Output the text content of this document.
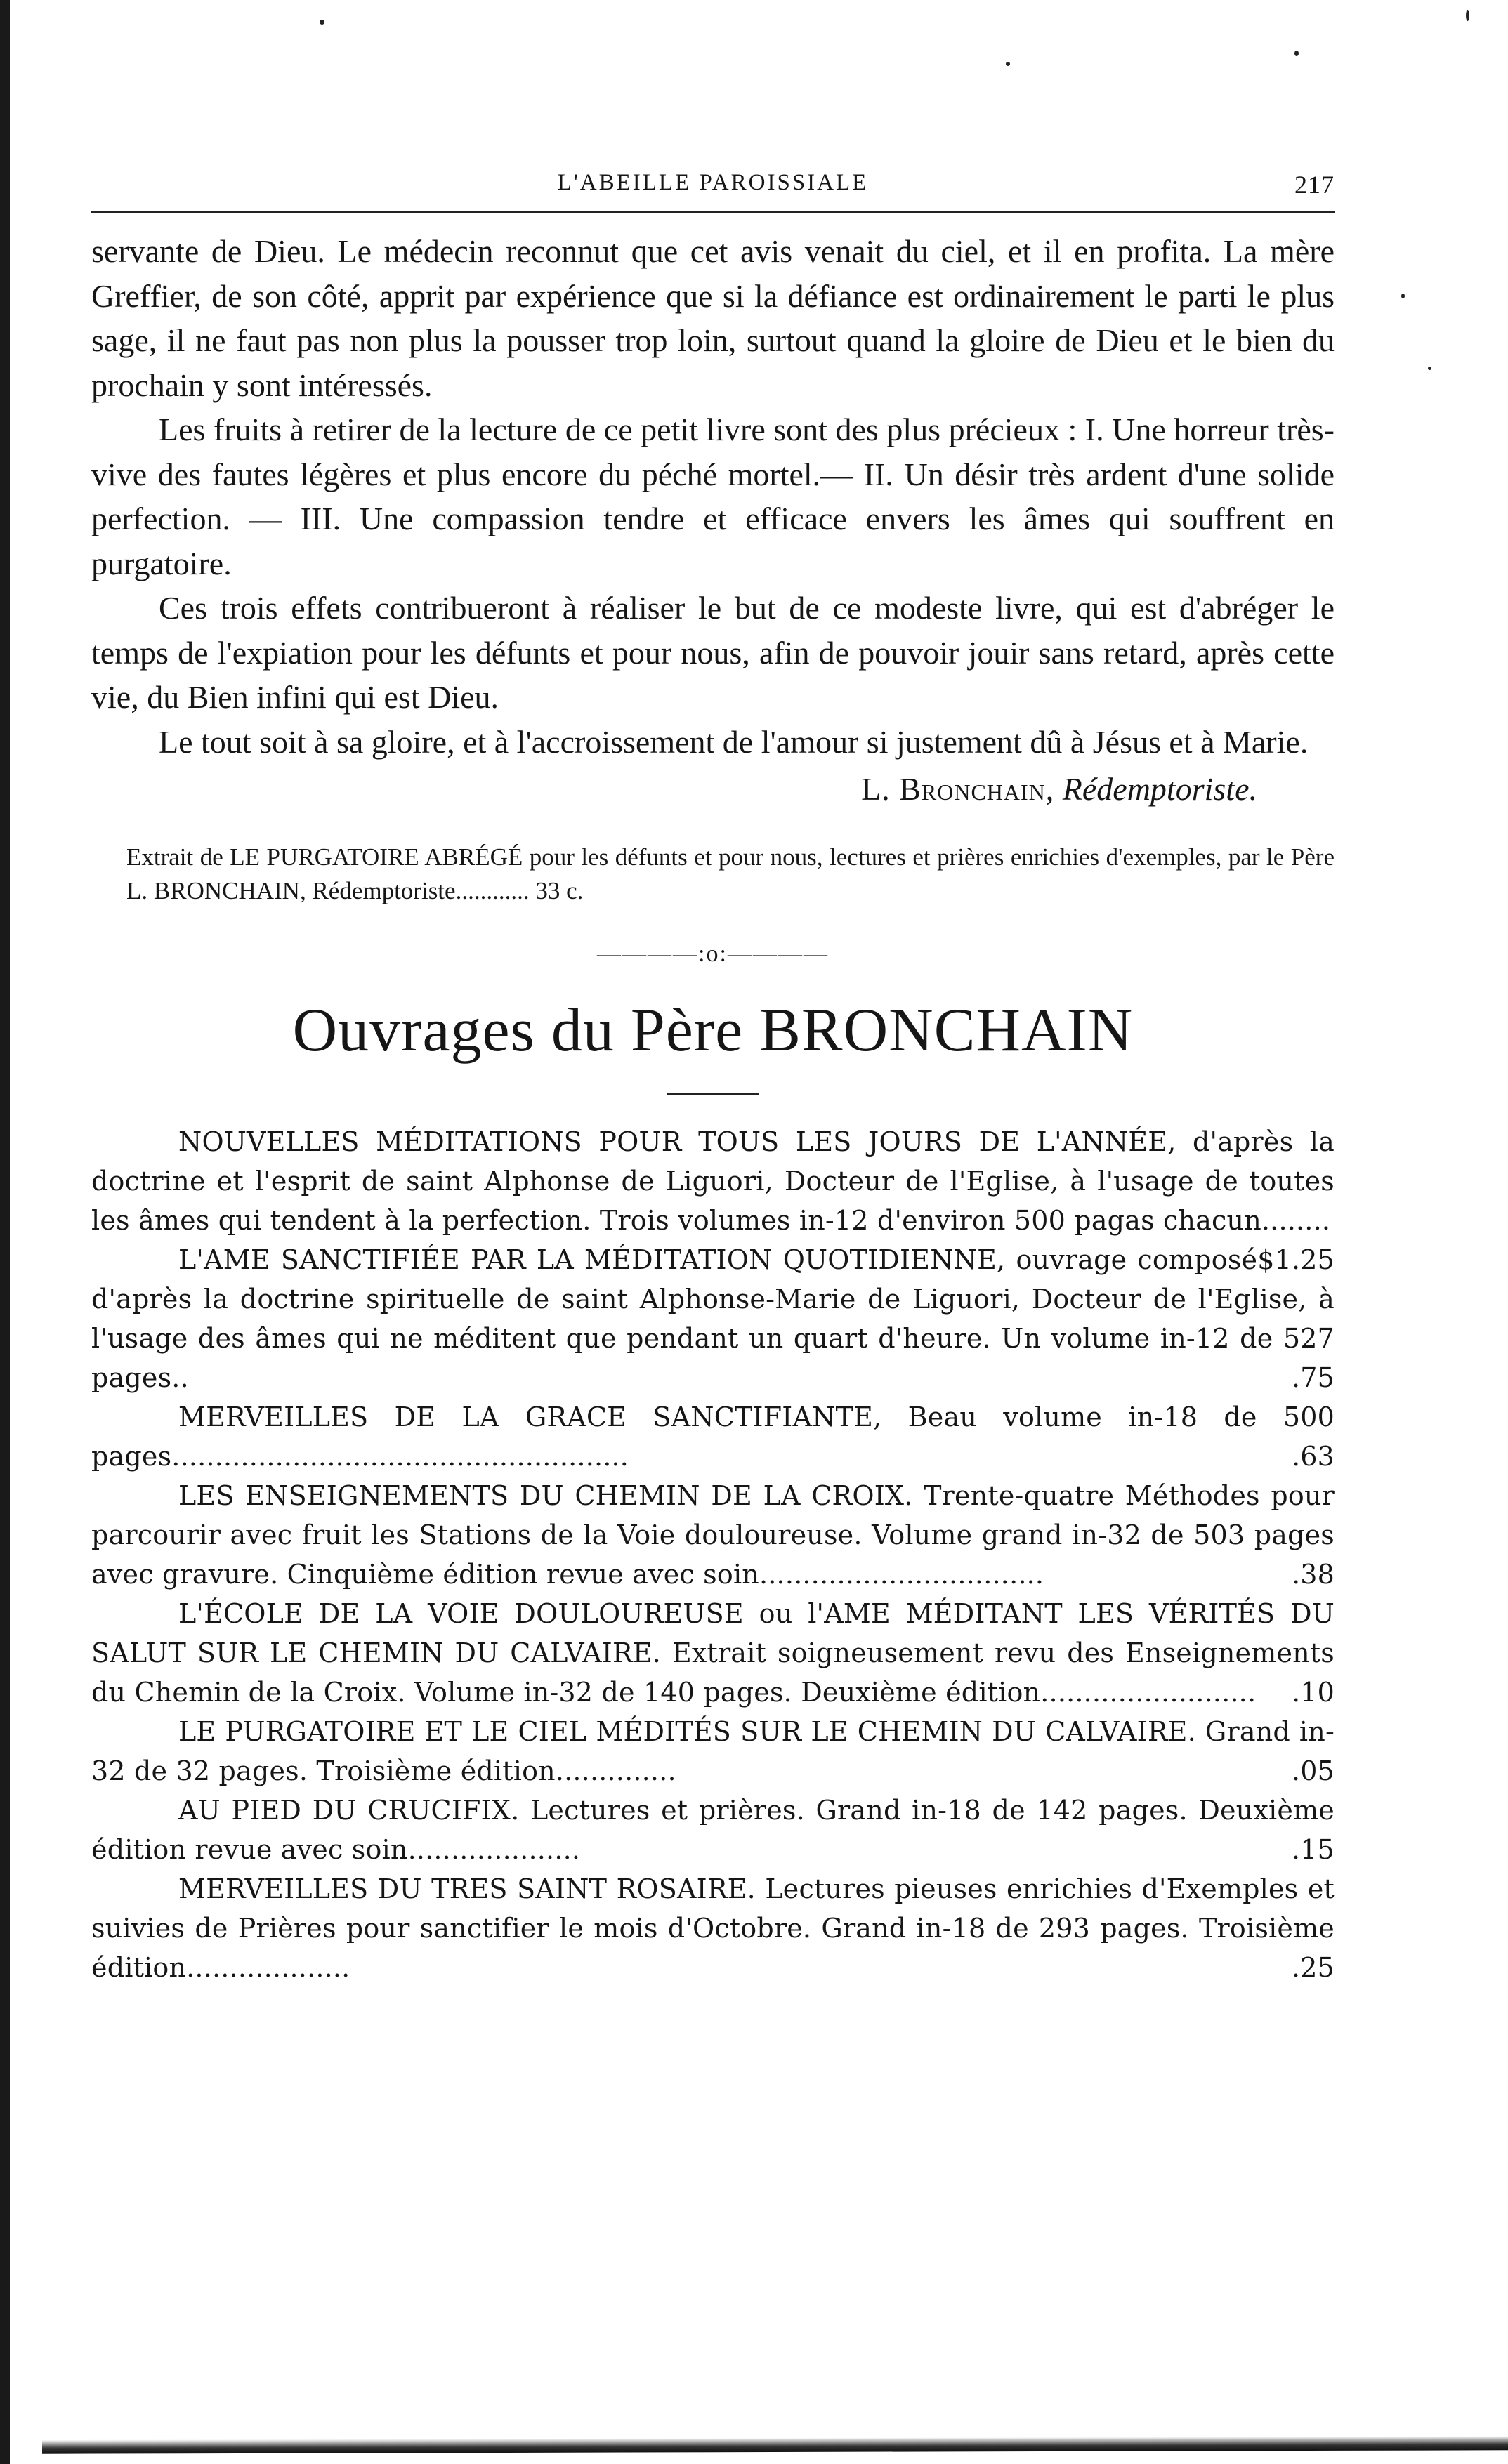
L'ABEILLE PAROISSIALE	217

servante de Dieu. Le médecin reconnut que cet avis venait du ciel, et il en profita. La mère Greffier, de son côté, apprit par expérience que si la défiance est ordinairement le parti le plus sage, il ne faut pas non plus la pousser trop loin, surtout quand la gloire de Dieu et le bien du prochain y sont intéressés.

Les fruits à retirer de la lecture de ce petit livre sont des plus précieux : I. Une horreur très-vive des fautes légères et plus encore du péché mortel.— II. Un désir très ardent d'une solide perfection. — III. Une compassion tendre et efficace envers les âmes qui souffrent en purgatoire.

Ces trois effets contribueront à réaliser le but de ce modeste livre, qui est d'abréger le temps de l'expiation pour les défunts et pour nous, afin de pouvoir jouir sans retard, après cette vie, du Bien infini qui est Dieu.

Le tout soit à sa gloire, et à l'accroissement de l'amour si justement dû à Jésus et à Marie.

L. Bronchain, Rédemptoriste.
Extrait de LE PURGATOIRE ABRÉGÉ pour les défunts et pour nous, lectures et prières enrichies d'exemples, par le Père L. BRONCHAIN, Rédemptoriste............ 33 c.
————:o:————
Ouvrages du Père BRONCHAIN
NOUVELLES MÉDITATIONS POUR TOUS LES JOURS DE L'ANNÉE, d'après la doctrine et l'esprit de saint Alphonse de Liguori, Docteur de l'Eglise, à l'usage de toutes les âmes qui tendent à la perfection. Trois volumes in-12 d'environ 500 pagas chacun........
$1.25
L'AME SANCTIFIÉE PAR LA MÉDITATION QUOTIDIENNE, ouvrage composé d'après la doctrine spirituelle de saint Alphonse-Marie de Liguori, Docteur de l'Eglise, à l'usage des âmes qui ne méditent que pendant un quart d'heure. Un volume in-12 de 527 pages..	.75
MERVEILLES DE LA GRACE SANCTIFIANTE, Beau volume in-18 de 500 pages.....................................................	.63
LES ENSEIGNEMENTS DU CHEMIN DE LA CROIX. Trente-quatre Méthodes pour parcourir avec fruit les Stations de la Voie douloureuse. Volume grand in-32 de 503 pages avec gravure. Cinquième édition revue avec soin.................................	.38
L'ÉCOLE DE LA VOIE DOULOUREUSE ou l'AME MÉDITANT LES VÉRITÉS DU SALUT SUR LE CHEMIN DU CALVAIRE. Extrait soigneusement revu des Enseignements du Chemin de la Croix. Volume in-32 de 140 pages. Deuxième édition......................... .10
LE PURGATOIRE ET LE CIEL MÉDITÉS SUR LE CHEMIN DU CALVAIRE. Grand in-32 de 32 pages. Troisième édition..............	.05
AU PIED DU CRUCIFIX. Lectures et prières. Grand in-18 de 142 pages. Deuxième édition revue avec soin....................	.15
MERVEILLES DU TRES SAINT ROSAIRE. Lectures pieuses enrichies d'Exemples et suivies de Prières pour sanctifier le mois d'Octobre. Grand in-18 de 293 pages. Troisième édition...................	.25
